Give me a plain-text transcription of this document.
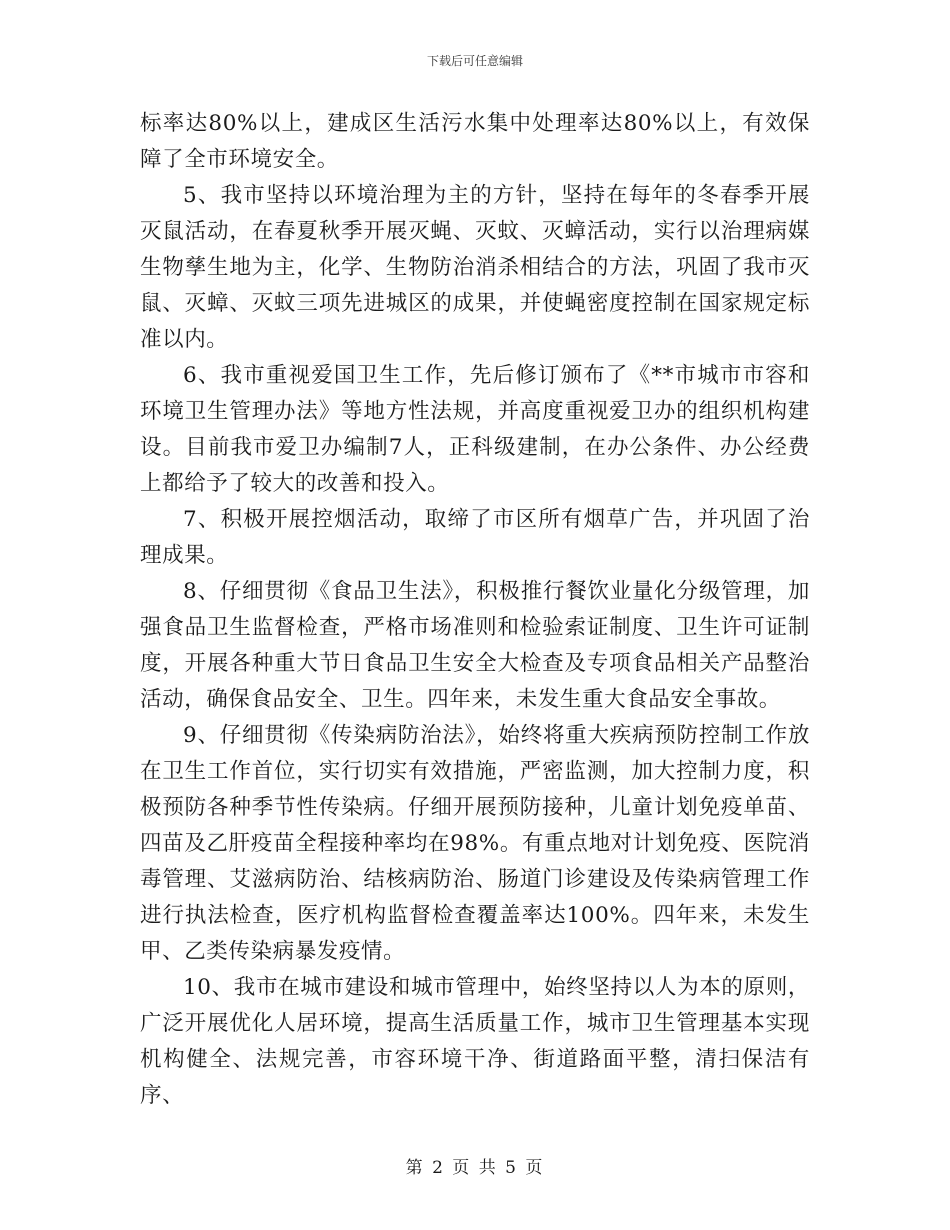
下载后可任意编辑

标率达80%以上，建成区生活污水集中处理率达80%以上，有效保障了全市环境安全。

5、我市坚持以环境治理为主的方针，坚持在每年的冬春季开展灭鼠活动，在春夏秋季开展灭蝇、灭蚊、灭蟑活动，实行以治理病媒生物孳生地为主，化学、生物防治消杀相结合的方法，巩固了我市灭鼠、灭蟑、灭蚊三项先进城区的成果，并使蝇密度控制在国家规定标准以内。

6、我市重视爱国卫生工作，先后修订颁布了《**市城市市容和环境卫生管理办法》等地方性法规，并高度重视爱卫办的组织机构建设。目前我市爱卫办编制7人，正科级建制，在办公条件、办公经费上都给予了较大的改善和投入。

7、积极开展控烟活动，取缔了市区所有烟草广告，并巩固了治理成果。

8、仔细贯彻《食品卫生法》，积极推行餐饮业量化分级管理，加强食品卫生监督检查，严格市场准则和检验索证制度、卫生许可证制度，开展各种重大节日食品卫生安全大检查及专项食品相关产品整治活动，确保食品安全、卫生。四年来，未发生重大食品安全事故。

9、仔细贯彻《传染病防治法》，始终将重大疾病预防控制工作放在卫生工作首位，实行切实有效措施，严密监测，加大控制力度，积极预防各种季节性传染病。仔细开展预防接种，儿童计划免疫单苗、四苗及乙肝疫苗全程接种率均在98%。有重点地对计划免疫、医院消毒管理、艾滋病防治、结核病防治、肠道门诊建设及传染病管理工作进行执法检查，医疗机构监督检查覆盖率达100%。四年来，未发生甲、乙类传染病暴发疫情。

10、我市在城市建设和城市管理中，始终坚持以人为本的原则，广泛开展优化人居环境，提高生活质量工作，城市卫生管理基本实现机构健全、法规完善，市容环境干净、街道路面平整，清扫保洁有序、

第 2 页 共 5 页
